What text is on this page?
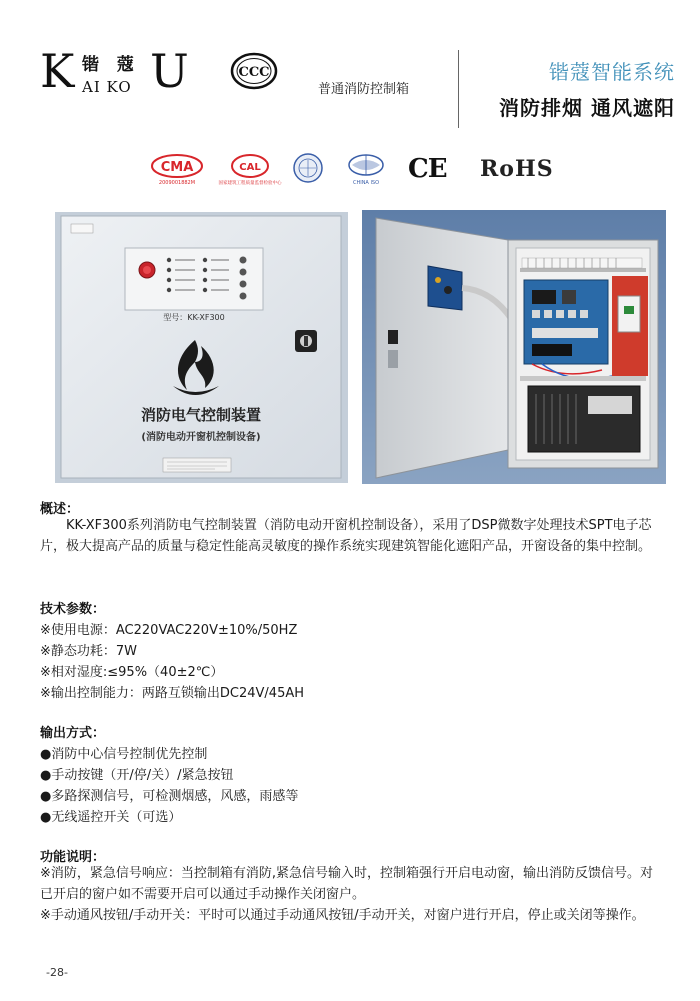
K 锴 蔻
AI KO U	CCC
普通消防控制箱
锴蔻智能系统
消防排烟 通风遮阳
CMA
2009001882M
CAL
国家建筑工程质量监督检验中心	CHINA ISO CE RoHS
型号：KK-XF300
消防电气控制装置
(消防电动开窗机控制设备)
概述：
KK-XF300系列消防电气控制装置（消防电动开窗机控制设备），采用了DSP微数字处理技术SPT电子芯片，极大提高产品的质量与稳定性能高灵敏度的操作系统实现建筑智能化遮阳产品，开窗设备的集中控制。
技术参数：
※使用电源：AC220VAC220V±10%/50HZ
※静态功耗：7W
※相对湿度:≤95%（40±2℃）
※输出控制能力：两路互锁输出DC24V/45AH
输出方式：
●消防中心信号控制优先控制
●手动按键（开/停/关）/紧急按钮
●多路探测信号，可检测烟感，风感，雨感等
●无线遥控开关（可选）
功能说明：
※消防，紧急信号响应：当控制箱有消防,紧急信号输入时，控制箱强行开启电动窗，输出消防反馈信号。对已开启的窗户如不需要开启可以通过手动操作关闭窗户。
※手动通风按钮/手动开关：平时可以通过手动通风按钮/手动开关，对窗户进行开启，停止或关闭等操作。
-28-
